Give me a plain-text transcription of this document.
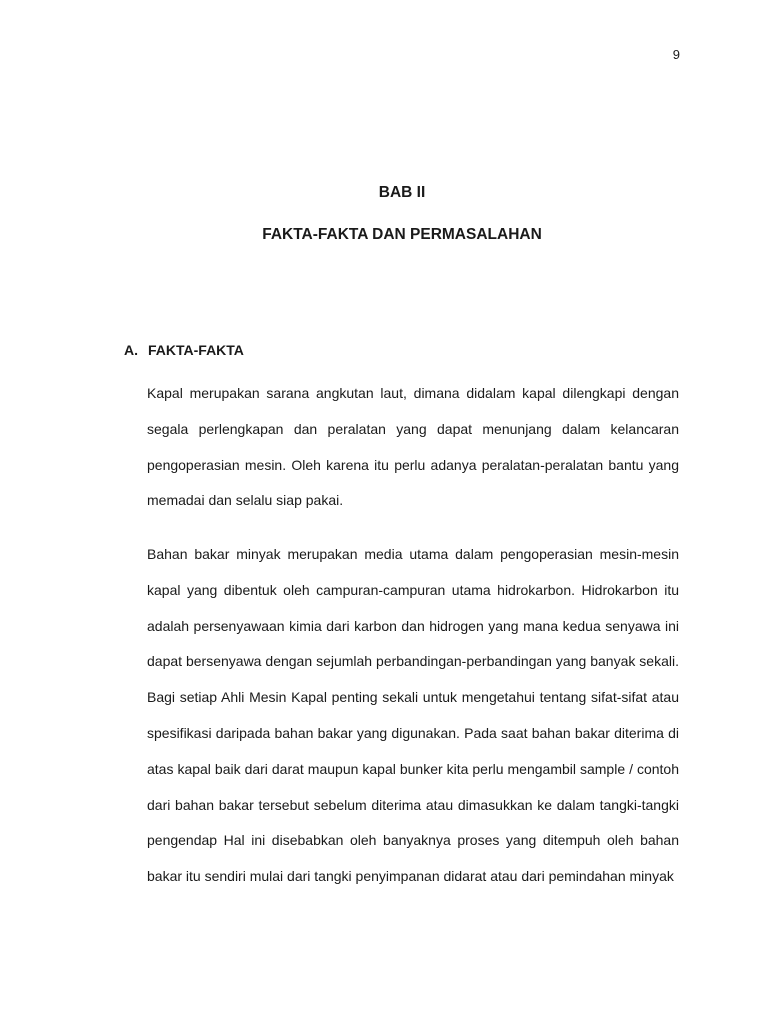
9
BAB II
FAKTA-FAKTA DAN PERMASALAHAN
A. FAKTA-FAKTA

Kapal merupakan sarana angkutan laut, dimana didalam kapal dilengkapi dengan segala perlengkapan dan peralatan yang dapat menunjang dalam kelancaran pengoperasian mesin. Oleh karena itu perlu adanya peralatan-peralatan bantu yang memadai dan selalu siap pakai.

Bahan bakar minyak merupakan media utama dalam pengoperasian mesin-mesin kapal yang dibentuk oleh campuran-campuran utama hidrokarbon. Hidrokarbon itu adalah persenyawaan kimia dari karbon dan hidrogen yang mana kedua senyawa ini dapat bersenyawa dengan sejumlah perbandingan-perbandingan yang banyak sekali. Bagi setiap Ahli Mesin Kapal penting sekali untuk mengetahui tentang sifat-sifat atau spesifikasi daripada bahan bakar yang digunakan. Pada saat bahan bakar diterima di atas kapal baik dari darat maupun kapal bunker kita perlu mengambil sample / contoh dari bahan bakar tersebut sebelum diterima atau dimasukkan ke dalam tangki-tangki pengendap Hal ini disebabkan oleh banyaknya proses yang ditempuh oleh bahan bakar itu sendiri mulai dari tangki penyimpanan didarat atau dari pemindahan minyak
